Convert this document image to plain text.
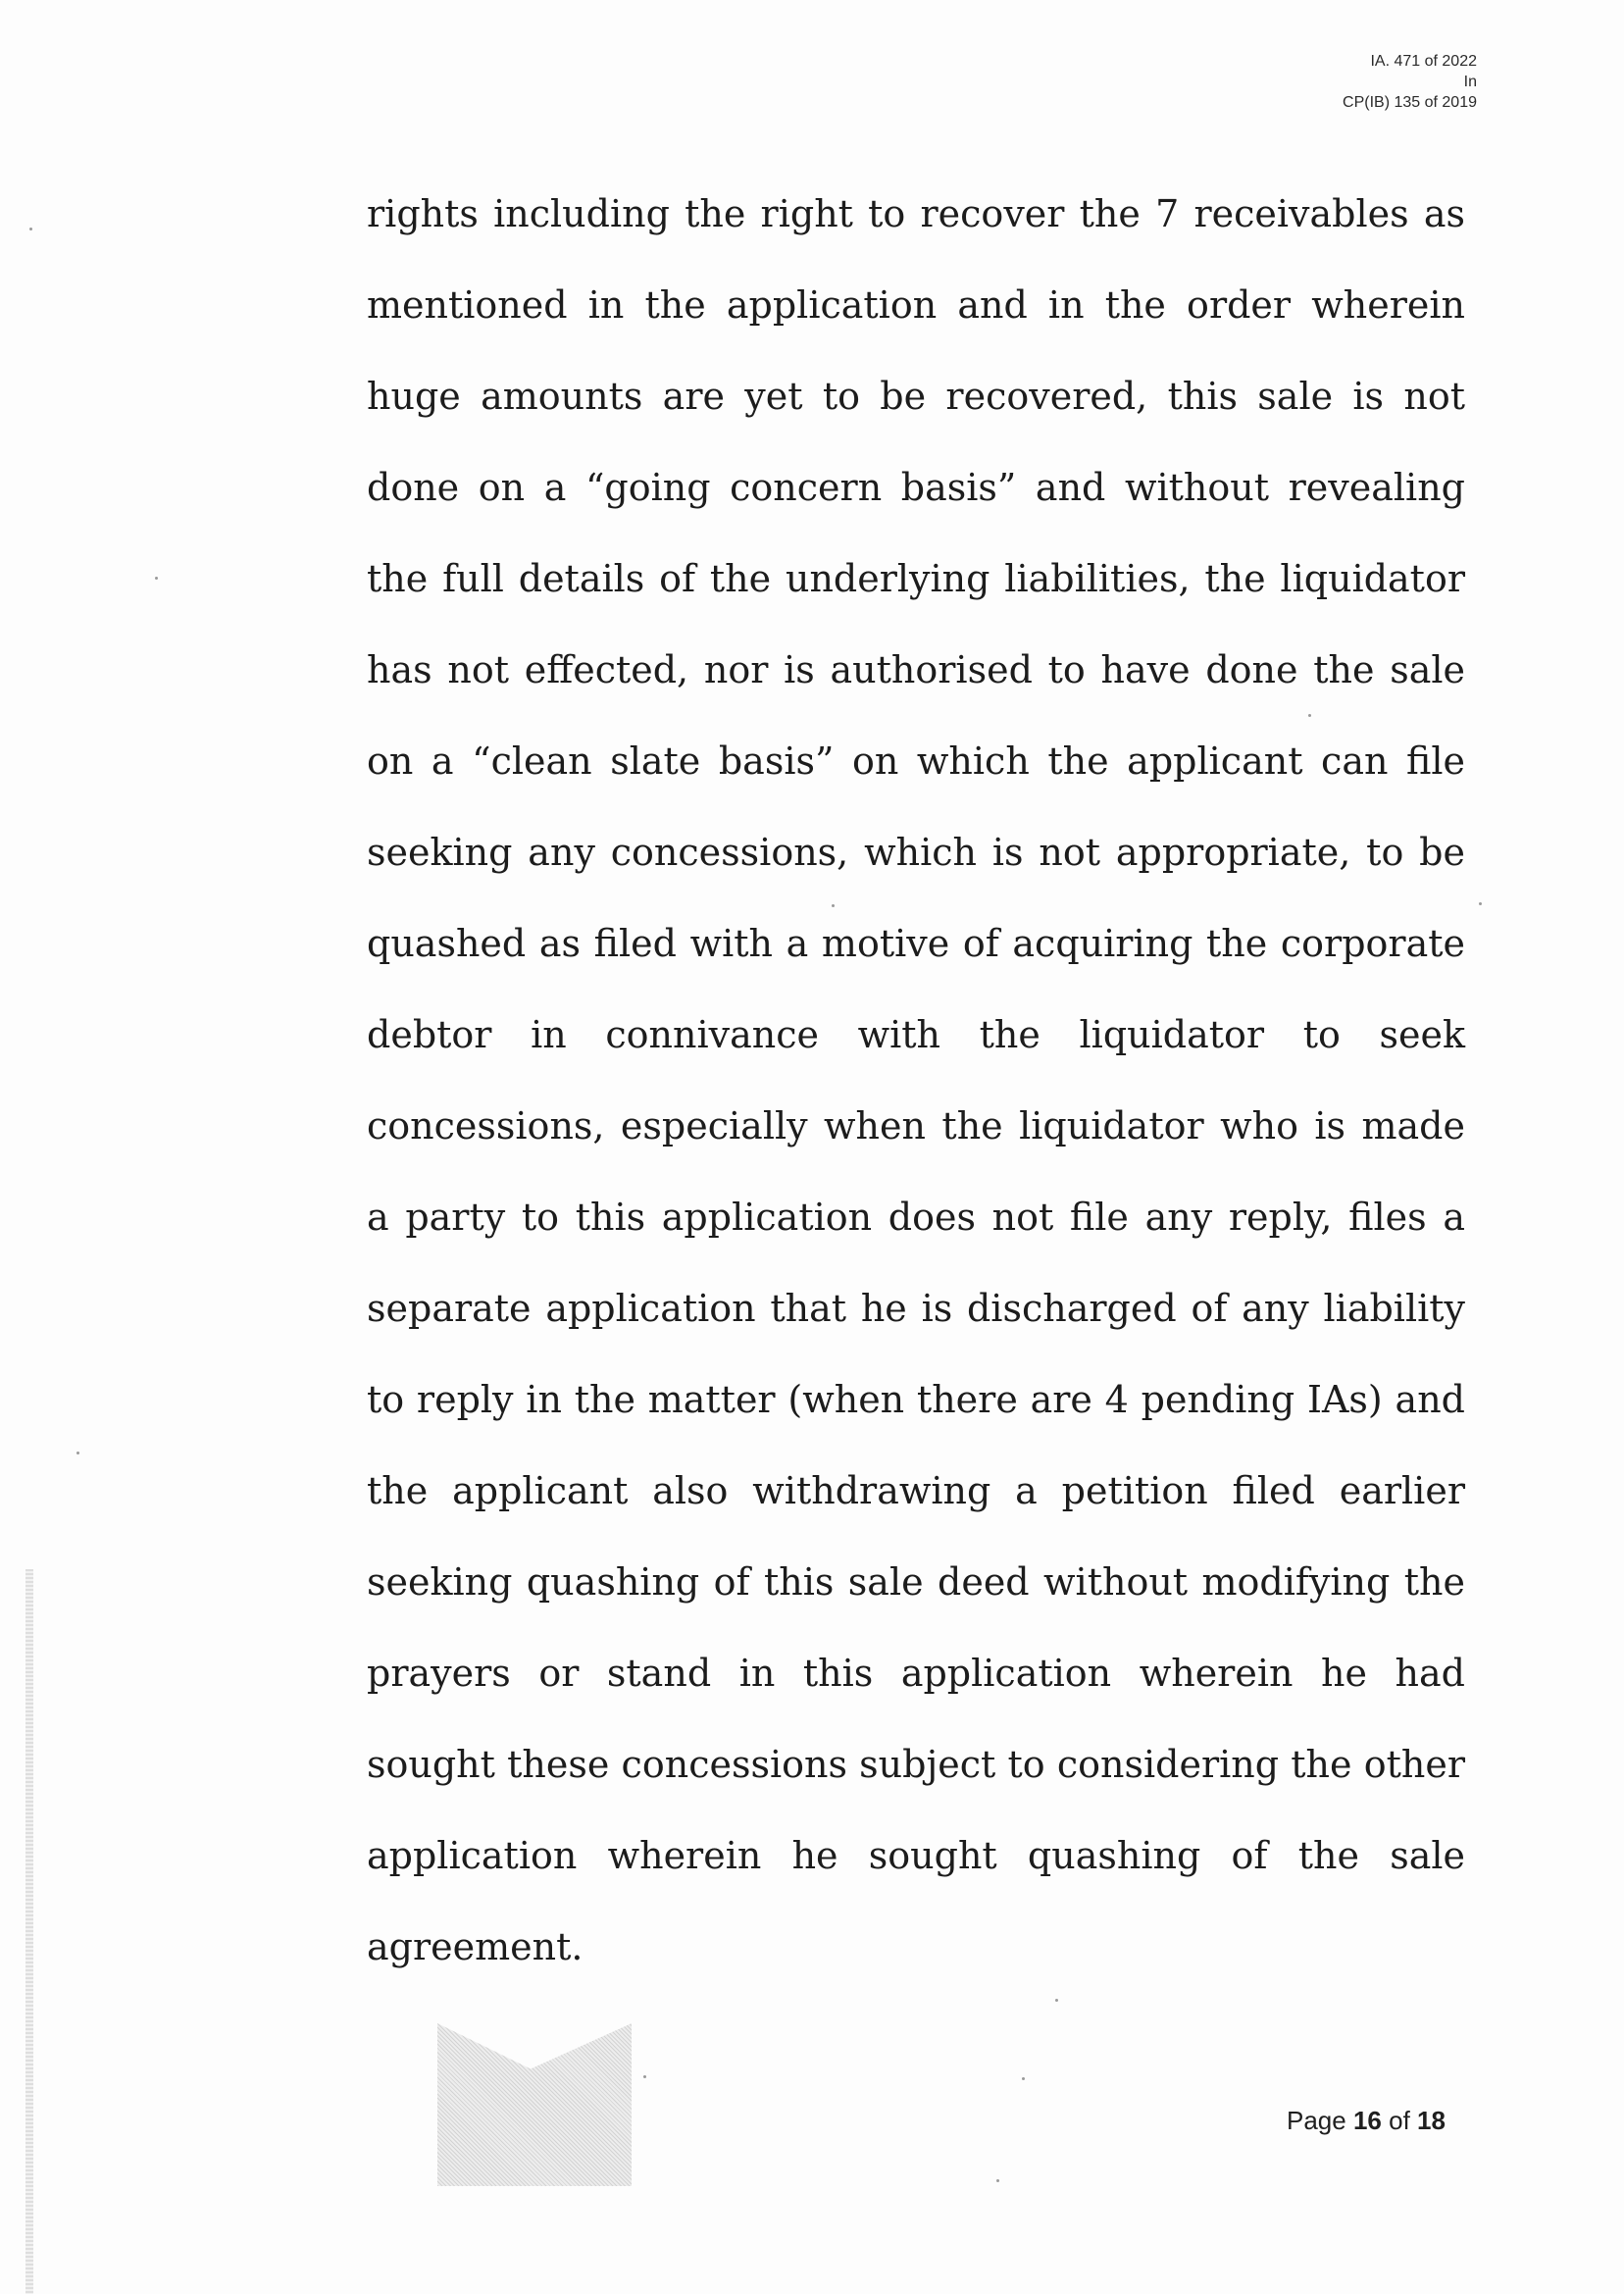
IA. 471 of 2022
In
CP(IB) 135 of 2019

rights including the right to recover the 7 receivables as
mentioned in the application and in the order wherein
huge amounts are yet to be recovered, this sale is not
done on a “going concern basis” and without revealing
the full details of the underlying liabilities, the liquidator
has not effected, nor is authorised to have done the sale
on a “clean slate basis” on which the applicant can file
seeking any concessions, which is not appropriate, to be
quashed as filed with a motive of acquiring the corporate
debtor in connivance with the liquidator to seek
concessions, especially when the liquidator who is made
a party to this application does not file any reply, files a
separate application that he is discharged of any liability
to reply in the matter (when there are 4 pending IAs) and
the applicant also withdrawing a petition filed earlier
seeking quashing of this sale deed without modifying the
prayers or stand in this application wherein he had
sought these concessions subject to considering the other
application wherein he sought quashing of the sale
agreement.

Page 16 of 18
